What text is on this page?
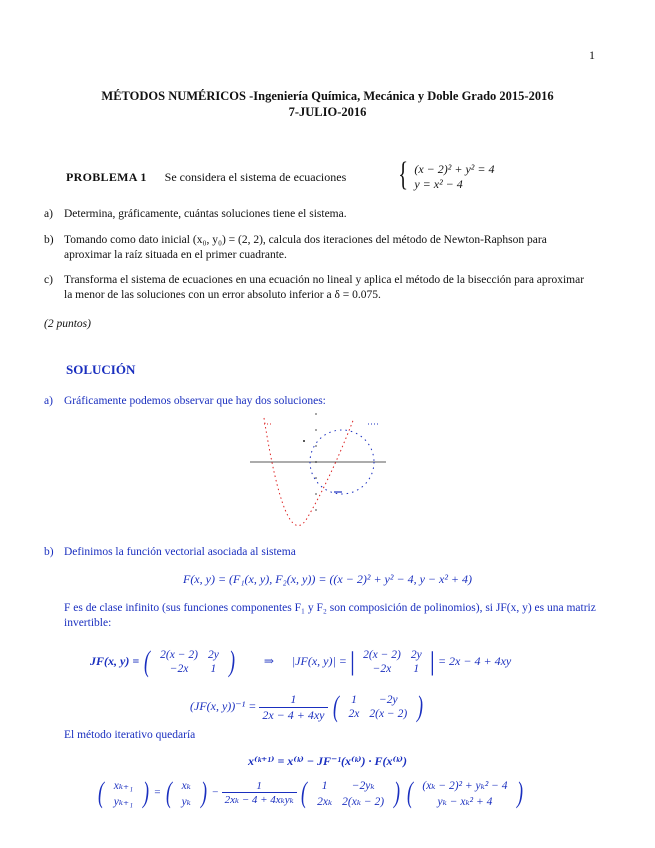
1
MÉTODOS NUMÉRICOS -Ingeniería Química, Mecánica y Doble Grado 2015-2016
7-JULIO-2016
PROBLEMA 1 Se considera el sistema de ecuaciones { (x − 2)² + y² = 4
y = x² − 4
a) Determina, gráficamente, cuántas soluciones tiene el sistema.
b) Tomando como dato inicial (x₀, y₀) = (2, 2), calcula dos iteraciones del método de Newton-Raphson para aproximar la raíz situada en el primer cuadrante.
c) Transforma el sistema de ecuaciones en una ecuación no lineal y aplica el método de la bisección para aproximar la menor de las soluciones con un error absoluto inferior a δ = 0.075.
(2 puntos)
SOLUCIÓN
a) Gráficamente podemos observar que hay dos soluciones:
b) Definimos la función vectorial asociada al sistema
F(x, y) = (F₁(x, y), F₂(x, y)) = ((x − 2)² + y² − 4, y − x² + 4)
F es de clase infinito (sus funciones componentes F₁ y F₂ son composición de polinomios), si JF(x, y) es una matriz invertible:
JF(x, y) = ( 2(x − 2)	2y
−2x	1 ) ⇒ |JF(x, y)| = | 2(x − 2)	2y
−2x	1 | = 2x − 4 + 4xy
(JF(x, $y))^{-1} = \frac{1}{2x - 4 + 4xy}$ ( 1	−2y
2x	2(x − 2) )
El método iterativo quedaría
x⁽ᵏ⁺¹⁾ = x⁽ᵏ⁾ − JF⁻¹(x⁽ᵏ⁾) · F(x⁽ᵏ⁾)
( xₖ₊₁
yₖ₊₁ ) = ( xₖ
yₖ ) − $\frac{1}{\text{2xₖ − 4 + 4xₖyₖ}}$ ( 1	−2yₖ
2xₖ	2(xₖ − 2) ) ( (xₖ − 2)² + yₖ² − 4
yₖ − xₖ² + 4 )
